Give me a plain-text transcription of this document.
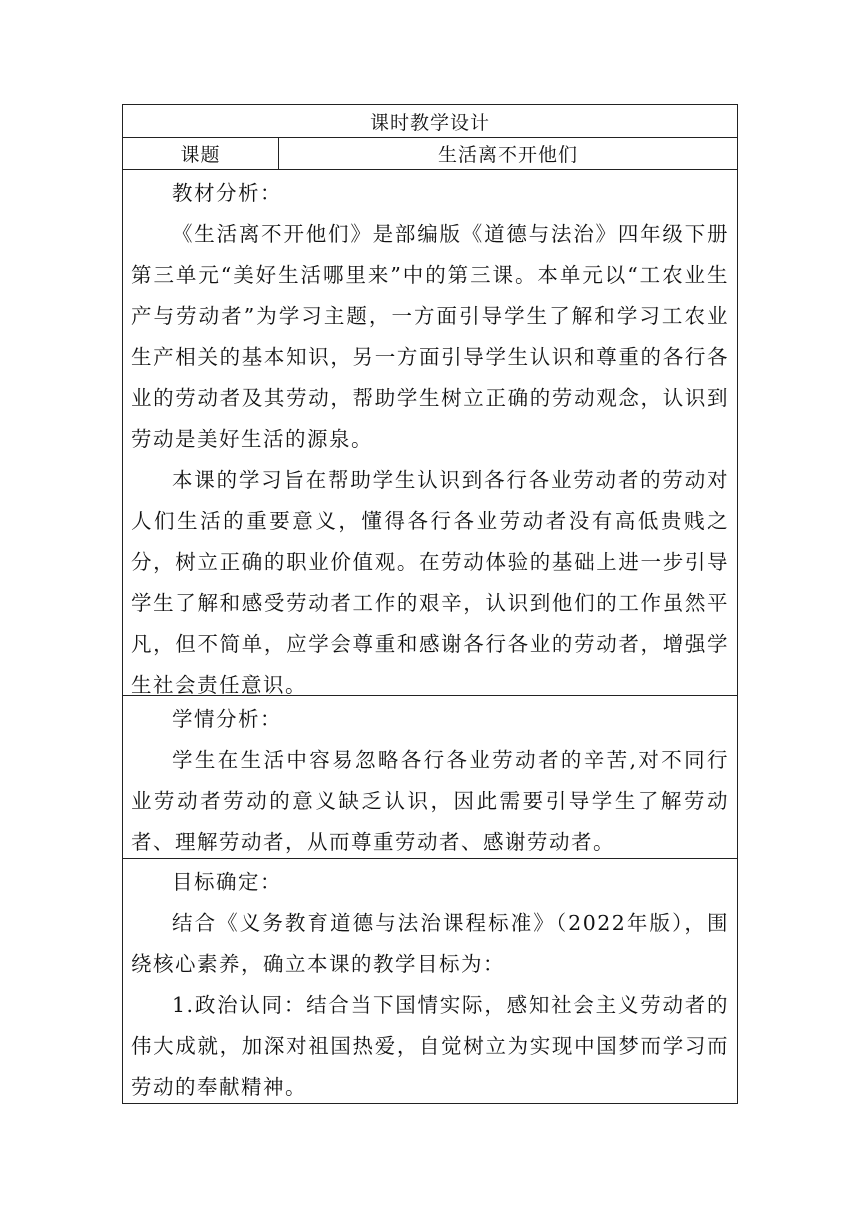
课时教学设计
课题	生活离不开他们

教材分析：

《生活离不开他们》是部编版《道德与法治》四年级下册第三单元“美好生活哪里来”中的第三课。本单元以“工农业生产与劳动者”为学习主题，一方面引导学生了解和学习工农业生产相关的基本知识，另一方面引导学生认识和尊重的各行各业的劳动者及其劳动，帮助学生树立正确的劳动观念，认识到劳动是美好生活的源泉。

本课的学习旨在帮助学生认识到各行各业劳动者的劳动对人们生活的重要意义，懂得各行各业劳动者没有高低贵贱之分，树立正确的职业价值观。在劳动体验的基础上进一步引导学生了解和感受劳动者工作的艰辛，认识到他们的工作虽然平凡，但不简单，应学会尊重和感谢各行各业的劳动者，增强学生社会责任意识。

学情分析：

学生在生活中容易忽略各行各业劳动者的辛苦,对不同行业劳动者劳动的意义缺乏认识，因此需要引导学生了解劳动者、理解劳动者，从而尊重劳动者、感谢劳动者。

目标确定：

结合《义务教育道德与法治课程标准》（2022年版），围绕核心素养，确立本课的教学目标为：

1.政治认同：结合当下国情实际，感知社会主义劳动者的伟大成就，加深对祖国热爱，自觉树立为实现中国梦而学习而劳动的奉献精神。
